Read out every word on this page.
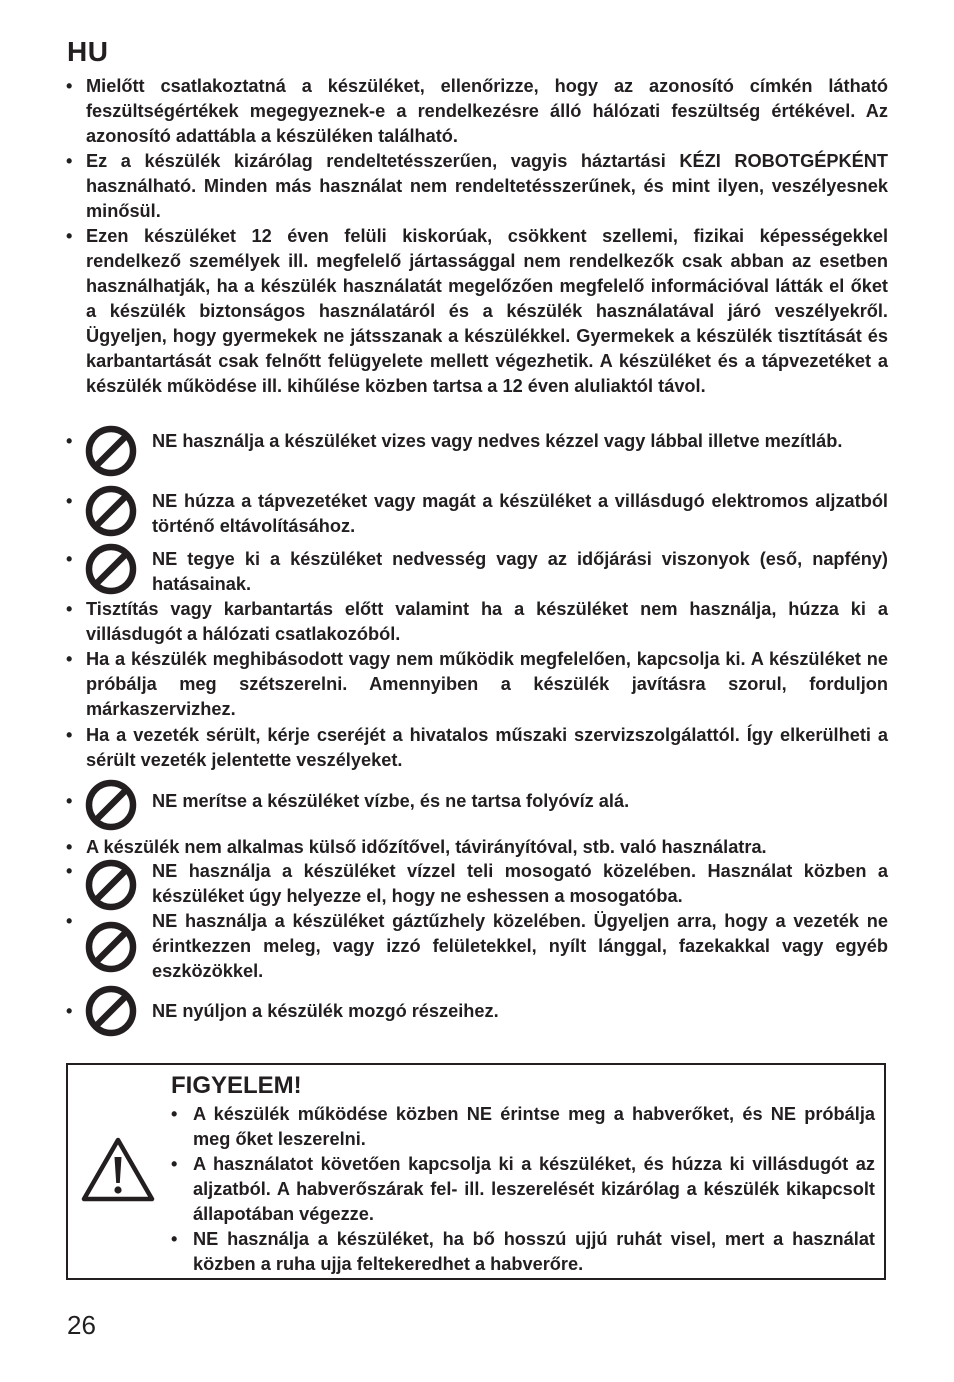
HU
• Mielőtt csatlakoztatná a készüléket, ellenőrizze, hogy az azonosító címkén látható feszültségértékek megegyeznek-e a rendelkezésre álló hálózati feszültség értékével. Az azonosító adattábla a készüléken található.
• Ez a készülék kizárólag rendeltetésszerűen, vagyis háztartási KÉZI ROBOTGÉPKÉNT használható. Minden más használat nem rendeltetésszerűnek, és mint ilyen, veszélyesnek minősül.
• Ezen készüléket 12 éven felüli kiskorúak, csökkent szellemi, fizikai képességekkel rendelkező személyek ill. megfelelő jártassággal nem rendelkezők csak abban az esetben használhatják, ha a készülék használatát megelőzően megfelelő információval látták el őket a készülék biztonságos használatáról és a készülék használatával járó veszélyekről. Ügyeljen, hogy gyermekek ne játsszanak a készülékkel. Gyermekek a készülék tisztítását és karbantartását csak felnőtt felügyelete mellett végezhetik. A készüléket és a tápvezetéket a készülék működése ill. kihűlése közben tartsa a 12 éven aluliaktól távol.
•	NE használja a készüléket vizes vagy nedves kézzel vagy lábbal illetve mezítláb.
•	NE húzza a tápvezetéket vagy magát a készüléket a villásdugó elektromos aljzatból történő eltávolításához.
•	NE tegye ki a készüléket nedvesség vagy az időjárási viszonyok (eső, napfény) hatásainak.
• Tisztítás vagy karbantartás előtt valamint ha a készüléket nem használja, húzza ki a villásdugót a hálózati csatlakozóból.
• Ha a készülék meghibásodott vagy nem működik megfelelően, kapcsolja ki. A készüléket ne próbálja meg szétszerelni. Amennyiben a készülék javításra szorul, forduljon márkaszervizhez.
• Ha a vezeték sérült, kérje cseréjét a hivatalos műszaki szervizszolgálattól. Így elkerülheti a sérült vezeték jelentette veszélyeket.
•	NE merítse a készüléket vízbe, és ne tartsa folyóvíz alá.
• A készülék nem alkalmas külső időzítővel, távirányítóval, stb. való használatra.
•	NE használja a készüléket vízzel teli mosogató közelében. Használat közben a készüléket úgy helyezze el, hogy ne eshessen a mosogatóba.
•	NE használja a készüléket gáztűzhely közelében. Ügyeljen arra, hogy a vezeték ne érintkezzen meleg, vagy izzó felületekkel, nyílt lánggal, fazekakkal vagy egyéb eszközökkel.
•	NE nyúljon a készülék mozgó részeihez.
FIGYELEM!
• A készülék működése közben NE érintse meg a habverőket, és NE próbálja meg őket leszerelni.
• A használatot követően kapcsolja ki a készüléket, és húzza ki villásdugót az aljzatból. A habverőszárak fel- ill. leszerelését kizárólag a készülék kikapcsolt állapotában végezze.
• NE használja a készüléket, ha bő hosszú ujjú ruhát visel, mert a használat közben a ruha ujja feltekeredhet a habverőre.
26
